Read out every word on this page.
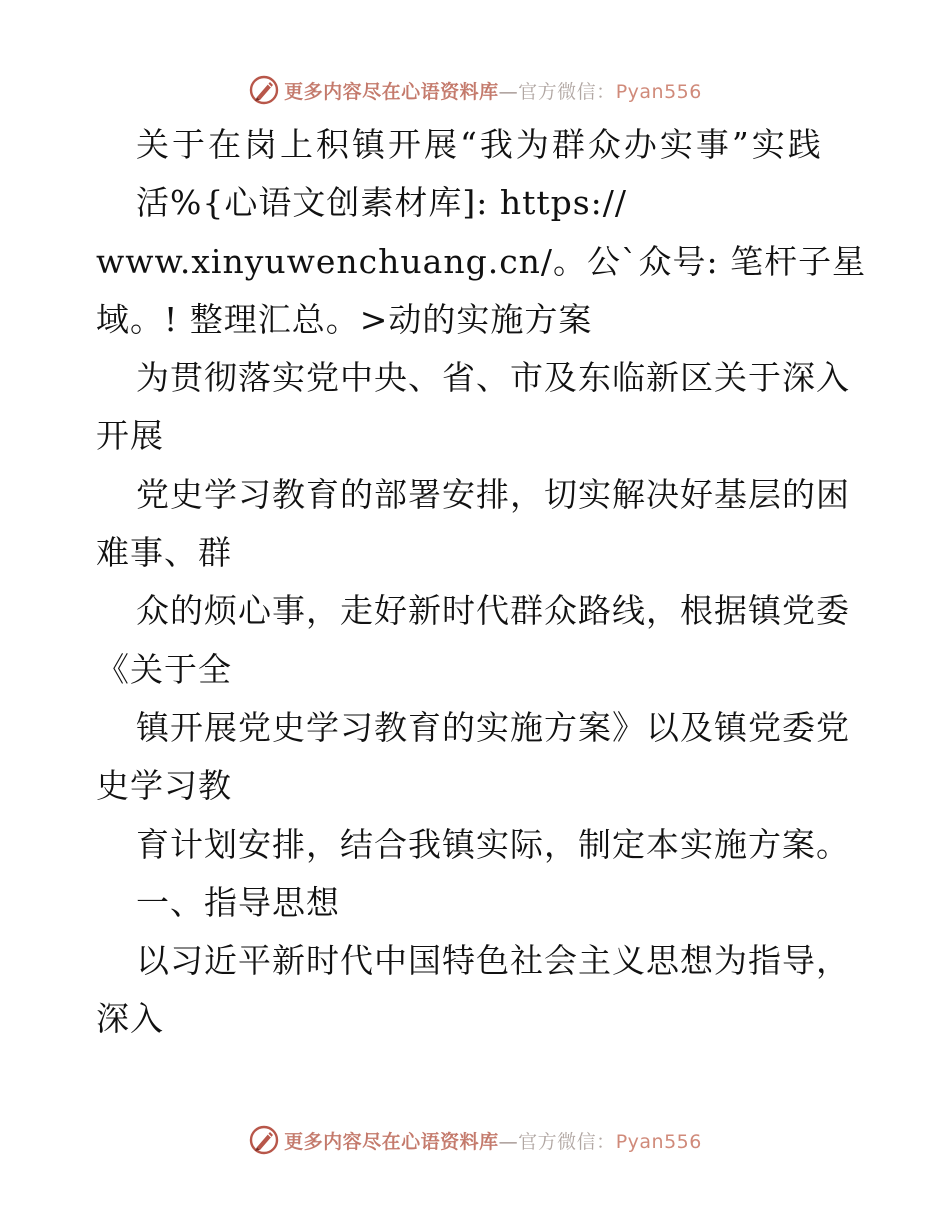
更多内容尽在心语资料库—官方微信：Pyan556
关于在岗上积镇开展“我为群众办实事”实践
活%{心语文创素材库]: https://
www.xinyuwenchuang.cn/。公`众号: 笔杆子星
域。! 整理汇总。>动的实施方案
为贯彻落实党中央、省、市及东临新区关于深入
开展
党史学习教育的部署安排，切实解决好基层的困
难事、群
众的烦心事，走好新时代群众路线，根据镇党委
《关于全
镇开展党史学习教育的实施方案》以及镇党委党
史学习教
育计划安排，结合我镇实际，制定本实施方案。
一、指导思想
以习近平新时代中国特色社会主义思想为指导，
深入
更多内容尽在心语资料库—官方微信：Pyan556
